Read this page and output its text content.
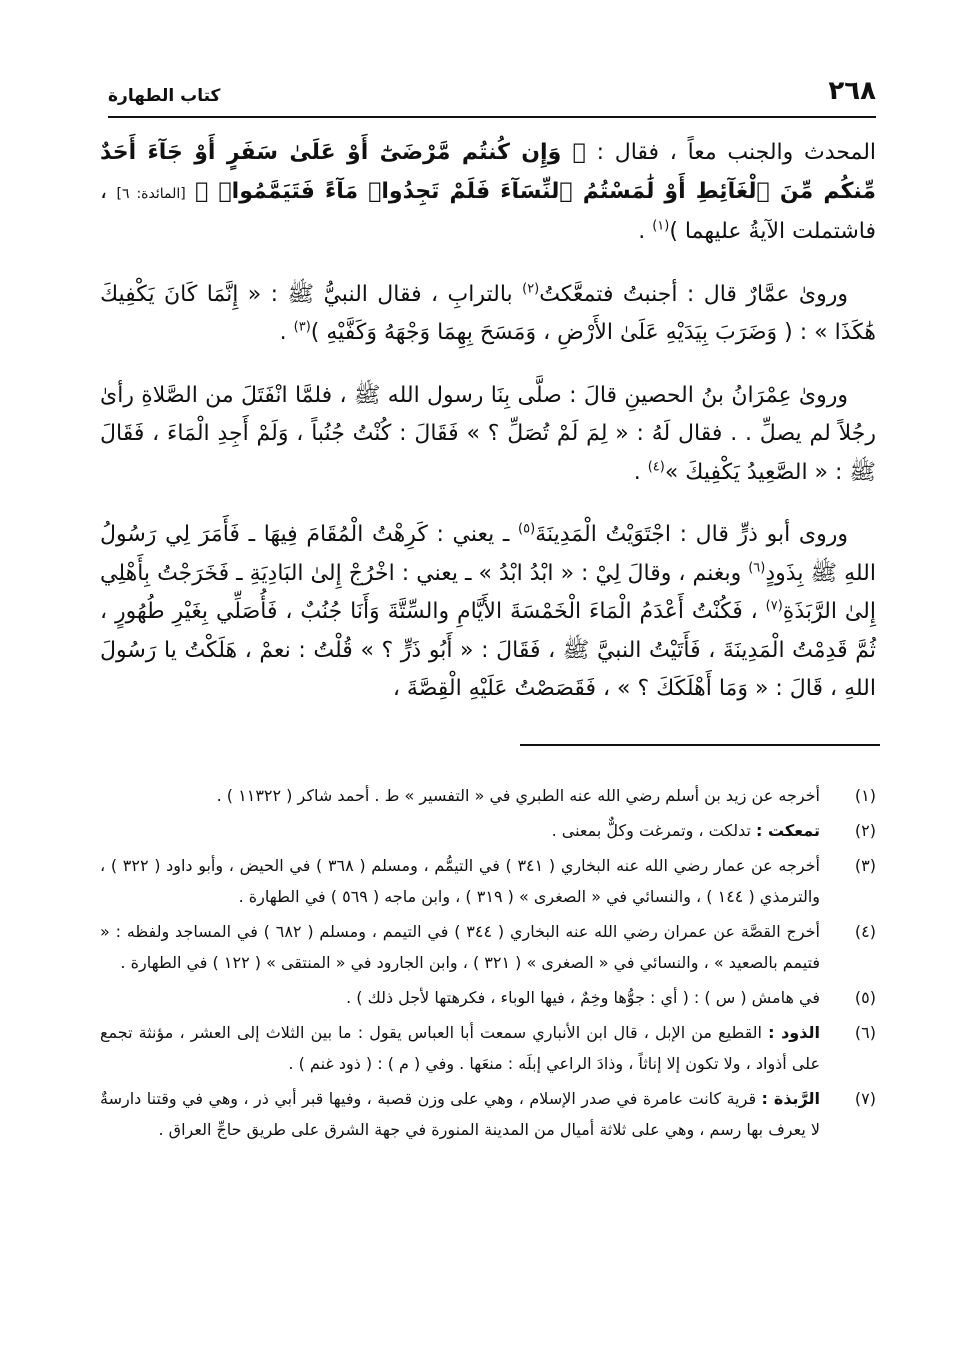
٢٦٨
كتاب الطهارة

المحدث والجنب معاً ، فقال : ﴿ وَإِن كُنتُم مَّرْضَىٰٓ أَوْ عَلَىٰ سَفَرٍ أَوْ جَآءَ أَحَدٌ مِّنكُم مِّنَ ٱلْغَآئِطِ أَوْ لَٰمَسْتُمُ ٱلنِّسَآءَ فَلَمْ تَجِدُوا۟ مَآءً فَتَيَمَّمُوا۟ ﴾ [المائدة: ٦] ، فاشتملت الآيةُ عليهما )$^{(١)}$ .

وروىٰ عمَّارٌ قال : أجنبتُ فتمعَّكتُ$^{(٢)}$ بالترابِ ، فقال النبيُّ ﷺ : « إِنَّمَا كَانَ يَكْفِيكَ هَٰكَذَا » : ( وَضَرَبَ بِيَدَيْهِ عَلَىٰ الأَرْضِ ، وَمَسَحَ بِهِمَا وَجْهَهُ وَكَفَّيْهِ )$^{(٣)}$ .

وروىٰ عِمْرَانُ بنُ الحصينِ قالَ : صلَّى بِنَا رسول الله ﷺ ، فلمَّا انْفَتَلَ من الصَّلاةِ رأىٰ رجُلاً لم يصلِّ . . فقال لَهُ : « لِمَ لَمْ تُصَلِّ ؟ » فَقَالَ : كُنْتُ جُنُباً ، وَلَمْ أَجِدِ الْمَاءَ ، فَقَالَ ﷺ : « الصَّعِيدُ يَكْفِيكَ »$^{(٤)}$ .

وروى أبو ذرٍّ قال : اجْتَوَيْتُ الْمَدِينَةَ$^{(٥)}$ ـ يعني : كَرِهْتُ الْمُقَامَ فِيهَا ـ فَأَمَرَ لِي رَسُولُ اللهِ ﷺ بِذَودٍ$^{(٦)}$ وبغنم ، وقالَ لِيْ : « ابْدُ ابْدُ » ـ يعني : اخْرُجْ إِلىٰ البَادِيَةِ ـ فَخَرَجْتُ بِأَهْلِي إِلىٰ الرَّبَذَةِ$^{(٧)}$ ، فَكُنْتُ أَعْدَمُ الْمَاءَ الْخَمْسَةَ الأَيَّامِ والسِّتَّةَ وَأَنَا جُنُبٌ ، فَأُصَلِّي بِغَيْرِ طُهُورٍ ، ثُمَّ قَدِمْتُ الْمَدِينَةَ ، فَأَتَيْتُ النبيَّ ﷺ ، فَقَالَ : « أَبُو ذَرٍّ ؟ » قُلْتُ : نعمْ ، هَلَكْتُ يا رَسُولَ اللهِ ، قَالَ : « وَمَا أَهْلَكَكَ ؟ » ، فَقَصَصْتُ عَلَيْهِ الْقِصَّةَ ،

(١)
أخرجه عن زيد بن أسلم رضي الله عنه الطبري في « التفسير » ط . أحمد شاكر ( ١١٣٢٢ ) .
(٢)
تمعكت : تدلكت ، وتمرغت وكلٌّ بمعنى .
(٣)
أخرجه عن عمار رضي الله عنه البخاري ( ٣٤١ ) في التيمُّم ، ومسلم ( ٣٦٨ ) في الحيض ، وأبو داود ( ٣٢٢ ) ، والترمذي ( ١٤٤ ) ، والنسائي في « الصغرى » ( ٣١٩ ) ، وابن ماجه ( ٥٦٩ ) في الطهارة .
(٤)
أخرج القصَّة عن عمران رضي الله عنه البخاري ( ٣٤٤ ) في التيمم ، ومسلم ( ٦٨٢ ) في المساجد ولفظه : « فتيمم بالصعيد » ، والنسائي في « الصغرى » ( ٣٢١ ) ، وابن الجارود في « المنتقى » ( ١٢٢ ) في الطهارة .
(٥)
في هامش ( س ) : ( أي : جوُّها وخِمٌ ، فيها الوباء ، فكرهتها لأجل ذلك ) .
(٦)
الذود : القطيع من الإبل ، قال ابن الأنباري سمعت أبا العباس يقول : ما بين الثلاث إلى العشر ، مؤنثة تجمع على أذواد ، ولا تكون إلا إناثاً ، وذادَ الراعي إبلَه : منعَها . وفي ( م ) : ( ذود غنم ) .
(٧)
الرَّبذة : قرية كانت عامرة في صدر الإسلام ، وهي على وزن قصبة ، وفيها قبر أبي ذر ، وهي في وقتنا دارسةٌ لا يعرف بها رسم ، وهي على ثلاثة أميال من المدينة المنورة في جهة الشرق على طريق حاجِّ العراق .
